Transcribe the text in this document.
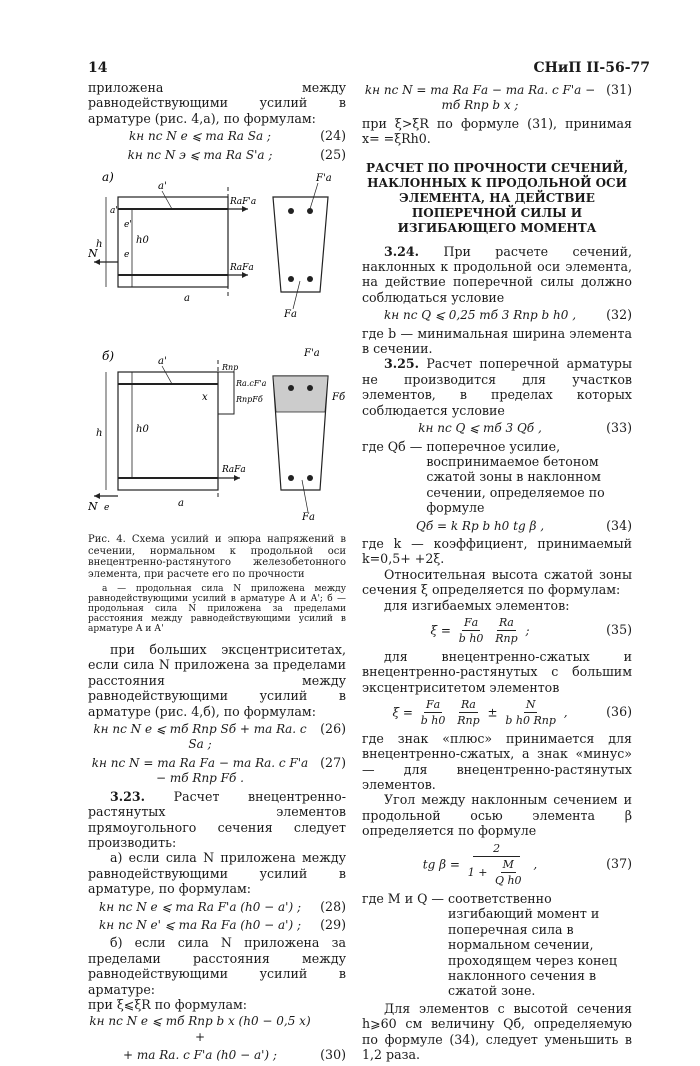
14	СНиП II-56-77

приложена между равнодействующими усилий в арматуре (рис. 4,а), по формулам:

kн nс N e ⩽ mа Rа Sа ;	(24)
kн nс N э ⩽ mа Rа S'а ;	(25)
а)
h	h0
a'
a'
N	e
e'
RаF'а
RаFа
a
F'а
Fа
б)
h	h0
x
a'
N e
Rпр
Rа.сF'а
RпрFб
RаFа
a
F'а
Fб
Fа

Рис. 4. Схема усилий и эпюра напряжений в сечении, нормальном к продольной оси внецентренно-растянутого железобетонного элемента, при расчете его по прочности

а — продольная сила N приложена между равнодействующими усилий в арматуре А и А'; б — продольная сила N приложена за пределами расстояния между равнодействующими усилий в арматуре А и А'

при больших эксцентриситетах, если сила N приложена за пределами расстояния между равнодействующими усилий в арматуре (рис. 4,б), по формулам:

kн nс N e ⩽ mб Rпр Sб + mа Rа. с Sа ;
(26)
kн nс N = mа Rа Fа − mа Rа. с F'а − mб Rпр Fб .
(27)

3.23. Расчет внецентренно-растянутых элементов прямоугольного сечения следует производить:

а) если сила N приложена между равнодействующими усилий в арматуре, по формулам:

kн nс N e ⩽ mа Rа F'а (h0 − a') ;	(28)
kн nс N e' ⩽ mа Rа Fа (h0 − a') ;	(29)

б) если сила N приложена за пределами расстояния между равнодействующими усилий в арматуре:

при ξ⩽ξR по формулам:

kн nс N e ⩽ mб Rпр b x (h0 − 0,5 x) +
+ mа Rа. с F'а (h0 − a') ;	(30)
kн nс N = mа Rа Fа − mа Rа. с F'а − mб Rпр b x ;
(31)

при ξ>ξR по формуле (31), принимая x= =ξRh0.

РАСЧЕТ ПО ПРОЧНОСТИ СЕЧЕНИЙ, НАКЛОННЫХ К ПРОДОЛЬНОЙ ОСИ ЭЛЕМЕНТА, НА ДЕЙСТВИЕ ПОПЕРЕЧНОЙ СИЛЫ И ИЗГИБАЮЩЕГО МОМЕНТА

3.24. При расчете сечений, наклонных к продольной оси элемента, на действие поперечной силы должно соблюдаться условие

kн nс Q ⩽ 0,25 mб 3 Rпр b h0 ,	(32)

где b — минимальная ширина элемента в сечении.

3.25. Расчет поперечной арматуры не производится для участков элементов, в пределах которых соблюдается условие

kн nс Q ⩽ mб 3 Qб ,	(33)
где Qб — поперечное усилие, воспринимаемое бетоном сжатой зоны в наклонном сечении, определяемое по формуле
Qб = k Rр b h0 tg β ,	(34)

где k — коэффициент, принимаемый k=0,5+ +2ξ.

Относительная высота сжатой зоны сечения ξ определяется по формулам:

для изгибаемых элементов:

$\xi = \frac{Fа}{\text{b h0}}$
$\frac{Rа}{\text{Rпр}}$ ;	(35)

для внецентренно-сжатых и внецентренно-растянутых с большим эксцентриситетом элементов

$\xi = \frac{Fа}{\text{b h0}}$
$\frac{Rа}{\text{Rпр}} \pm \frac{N}{\text{b h0 Rпр}}$ ,	(36)

где знак «плюс» принимается для внецентренно-сжатых, а знак «минус» — для внецентренно-растянутых элементов.

Угол между наклонным сечением и продольной осью элемента β определяется по формуле

tg $\beta = \frac{2}{1 + \frac{M}{\text{Q h0}}}$ ,	(37)
где M и Q — соответственно изгибающий момент и поперечная сила в нормальном сечении, проходящем через конец наклонного сечения в сжатой зоне.

Для элементов с высотой сечения h⩾60 см величину Qб, определяемую по формуле (34), следует уменьшить в 1,2 раза.
